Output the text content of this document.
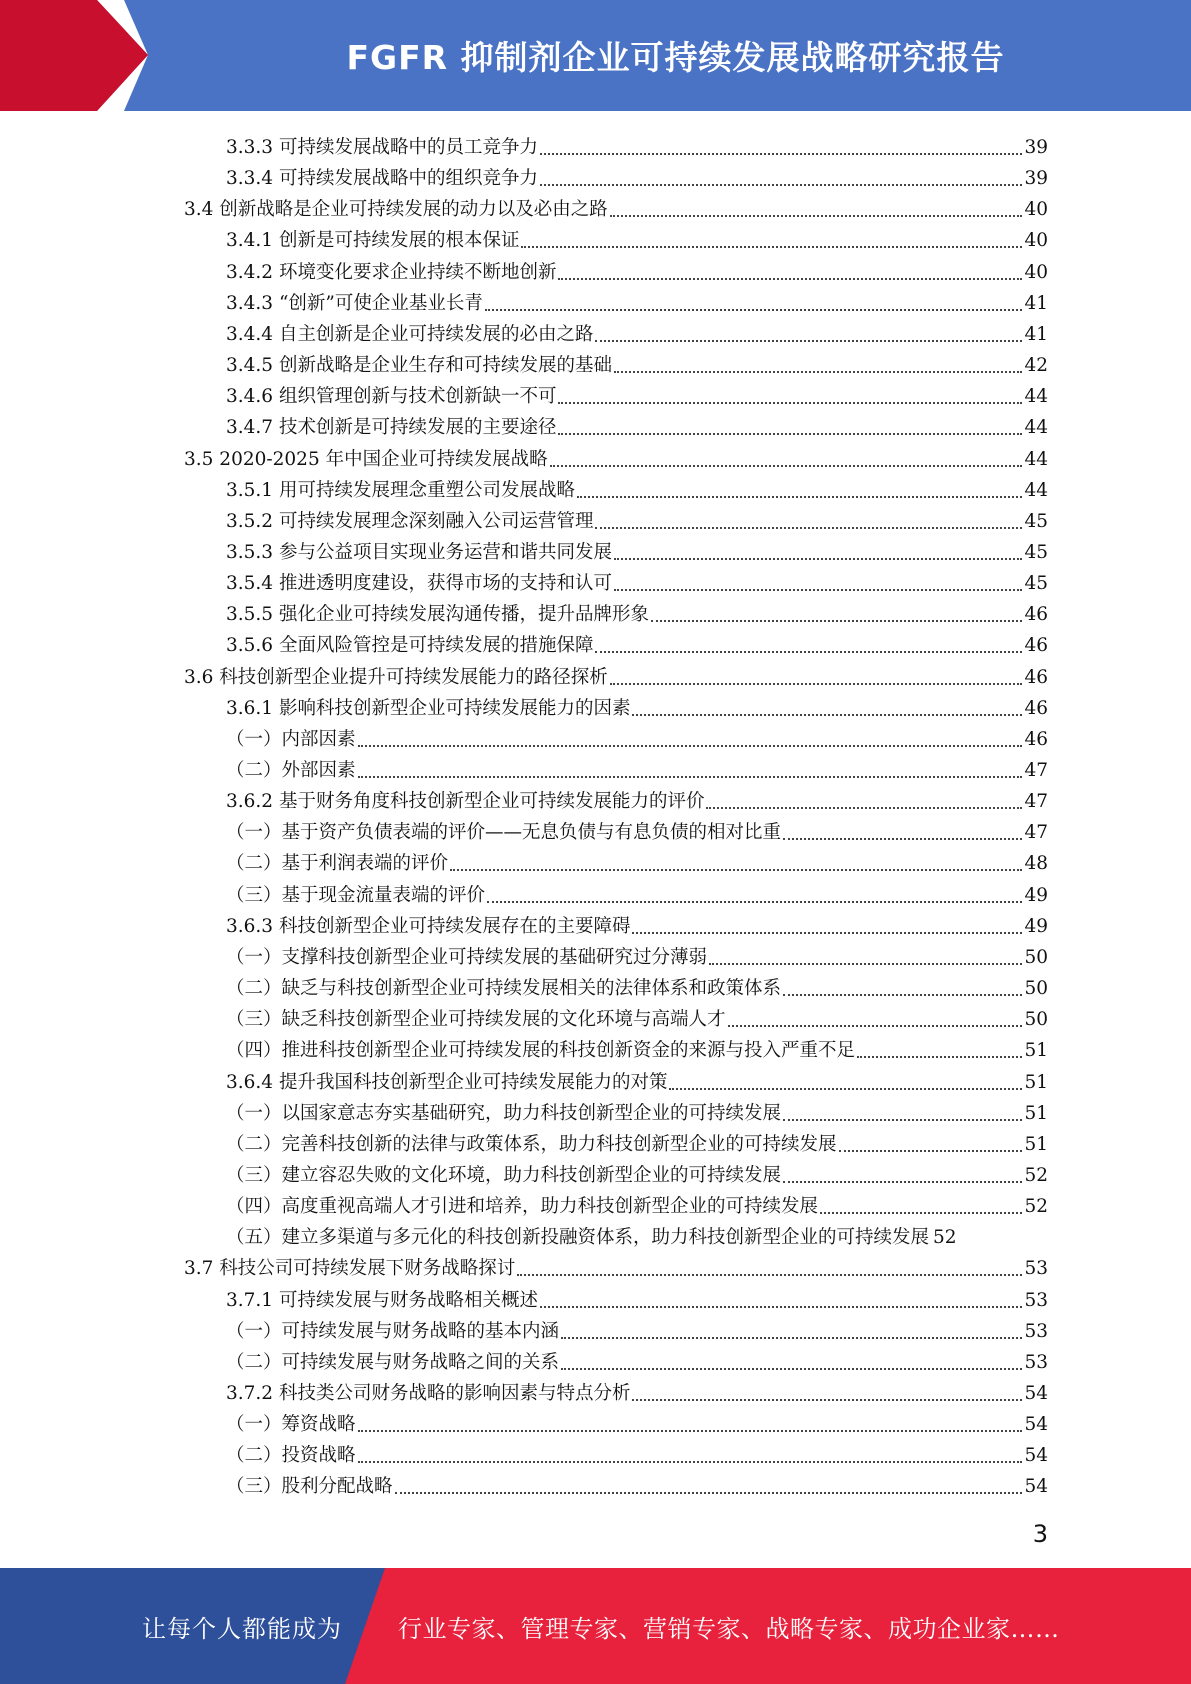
FGFR 抑制剂企业可持续发展战略研究报告
3.3.3 可持续发展战略中的员工竞争力	39
3.3.4 可持续发展战略中的组织竞争力	39
3.4 创新战略是企业可持续发展的动力以及必由之路	40
3.4.1 创新是可持续发展的根本保证	40
3.4.2 环境变化要求企业持续不断地创新	40
3.4.3 “创新”可使企业基业长青	41
3.4.4 自主创新是企业可持续发展的必由之路	41
3.4.5 创新战略是企业生存和可持续发展的基础	42
3.4.6 组织管理创新与技术创新缺一不可	44
3.4.7 技术创新是可持续发展的主要途径	44
3.5 2020-2025 年中国企业可持续发展战略	44
3.5.1 用可持续发展理念重塑公司发展战略	44
3.5.2 可持续发展理念深刻融入公司运营管理	45
3.5.3 参与公益项目实现业务运营和谐共同发展	45
3.5.4 推进透明度建设，获得市场的支持和认可	45
3.5.5 强化企业可持续发展沟通传播，提升品牌形象	46
3.5.6 全面风险管控是可持续发展的措施保障	46
3.6 科技创新型企业提升可持续发展能力的路径探析	46
3.6.1 影响科技创新型企业可持续发展能力的因素	46
（一）内部因素	46
（二）外部因素	47
3.6.2 基于财务角度科技创新型企业可持续发展能力的评价	47
（一）基于资产负债表端的评价——无息负债与有息负债的相对比重	47
（二）基于利润表端的评价	48
（三）基于现金流量表端的评价	49
3.6.3 科技创新型企业可持续发展存在的主要障碍	49
（一）支撑科技创新型企业可持续发展的基础研究过分薄弱	50
（二）缺乏与科技创新型企业可持续发展相关的法律体系和政策体系	50
（三）缺乏科技创新型企业可持续发展的文化环境与高端人才	50
（四）推进科技创新型企业可持续发展的科技创新资金的来源与投入严重不足	51
3.6.4 提升我国科技创新型企业可持续发展能力的对策	51
（一）以国家意志夯实基础研究，助力科技创新型企业的可持续发展	51
（二）完善科技创新的法律与政策体系，助力科技创新型企业的可持续发展	51
（三）建立容忍失败的文化环境，助力科技创新型企业的可持续发展	52
（四）高度重视高端人才引进和培养，助力科技创新型企业的可持续发展	52
（五）建立多渠道与多元化的科技创新投融资体系，助力科技创新型企业的可持续发展 52
3.7 科技公司可持续发展下财务战略探讨	53
3.7.1 可持续发展与财务战略相关概述	53
（一）可持续发展与财务战略的基本内涵	53
（二）可持续发展与财务战略之间的关系	53
3.7.2 科技类公司财务战略的影响因素与特点分析	54
（一）筹资战略	54
（二）投资战略	54
（三）股利分配战略	54
3
让每个人都能成为 行业专家、管理专家、营销专家、战略专家、成功企业家……
